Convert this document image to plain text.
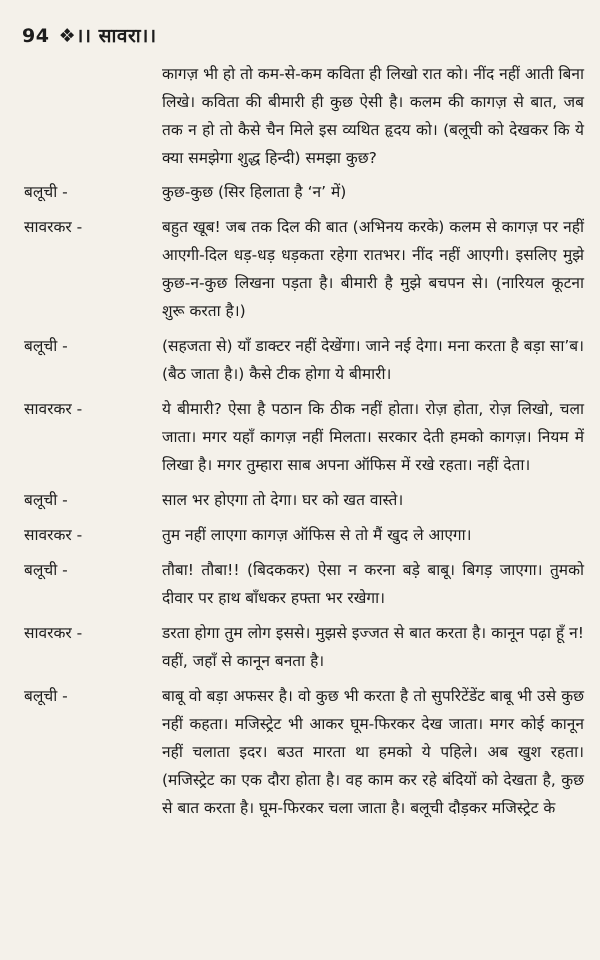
94 ❖।। सावरा।।
कागज़ भी हो तो कम-से-कम कविता ही लिखो रात को। नींद नहीं आती बिना लिखे। कविता की बीमारी ही कुछ ऐसी है। कलम की कागज़ से बात, जब तक न हो तो कैसे चैन मिले इस व्यथित हृदय को। (बलूची को देखकर कि ये क्या समझेगा शुद्ध हिन्दी) समझा कुछ?
बलूची -	कुछ-कुछ (सिर हिलाता है ‘न’ में)
सावरकर -	बहुत खूब! जब तक दिल की बात (अभिनय करके) कलम से कागज़ पर नहीं आएगी-दिल धड़-धड़ धड़कता रहेगा रातभर। नींद नहीं आएगी। इसलिए मुझे कुछ-न-कुछ लिखना पड़ता है। बीमारी है मुझे बचपन से। (नारियल कूटना शुरू करता है।)
बलूची -	(सहजता से) याँ डाक्टर नहीं देखेंगा। जाने नई देगा। मना करता है बड़ा सा’ब। (बैठ जाता है।) कैसे टीक होगा ये बीमारी।
सावरकर -	ये बीमारी? ऐसा है पठान कि ठीक नहीं होता। रोज़ होता, रोज़ लिखो, चला जाता। मगर यहाँ कागज़ नहीं मिलता। सरकार देती हमको कागज़। नियम में लिखा है। मगर तुम्हारा साब अपना ऑफिस में रखे रहता। नहीं देता।
बलूची -	साल भर होएगा तो देगा। घर को खत वास्ते।
सावरकर -	तुम नहीं लाएगा कागज़ ऑफिस से तो मैं खुद ले आएगा।
बलूची -	तौबा! तौबा!! (बिदककर) ऐसा न करना बड़े बाबू। बिगड़ जाएगा। तुमको दीवार पर हाथ बाँधकर हफ्ता भर रखेगा।
सावरकर -	डरता होगा तुम लोग इससे। मुझसे इज्जत से बात करता है। कानून पढ़ा हूँ न! वहीं, जहाँ से कानून बनता है।
बलूची -	बाबू वो बड़ा अफसर है। वो कुछ भी करता है तो सुपरिटेंडेंट बाबू भी उसे कुछ नहीं कहता। मजिस्ट्रेट भी आकर घूम-फिरकर देख जाता। मगर कोई कानून नहीं चलाता इदर। बउत मारता था हमको ये पहिले। अब खुश रहता। (मजिस्ट्रेट का एक दौरा होता है। वह काम कर रहे बंदियों को देखता है, कुछ से बात करता है। घूम-फिरकर चला जाता है। बलूची दौड़कर मजिस्ट्रेट के
